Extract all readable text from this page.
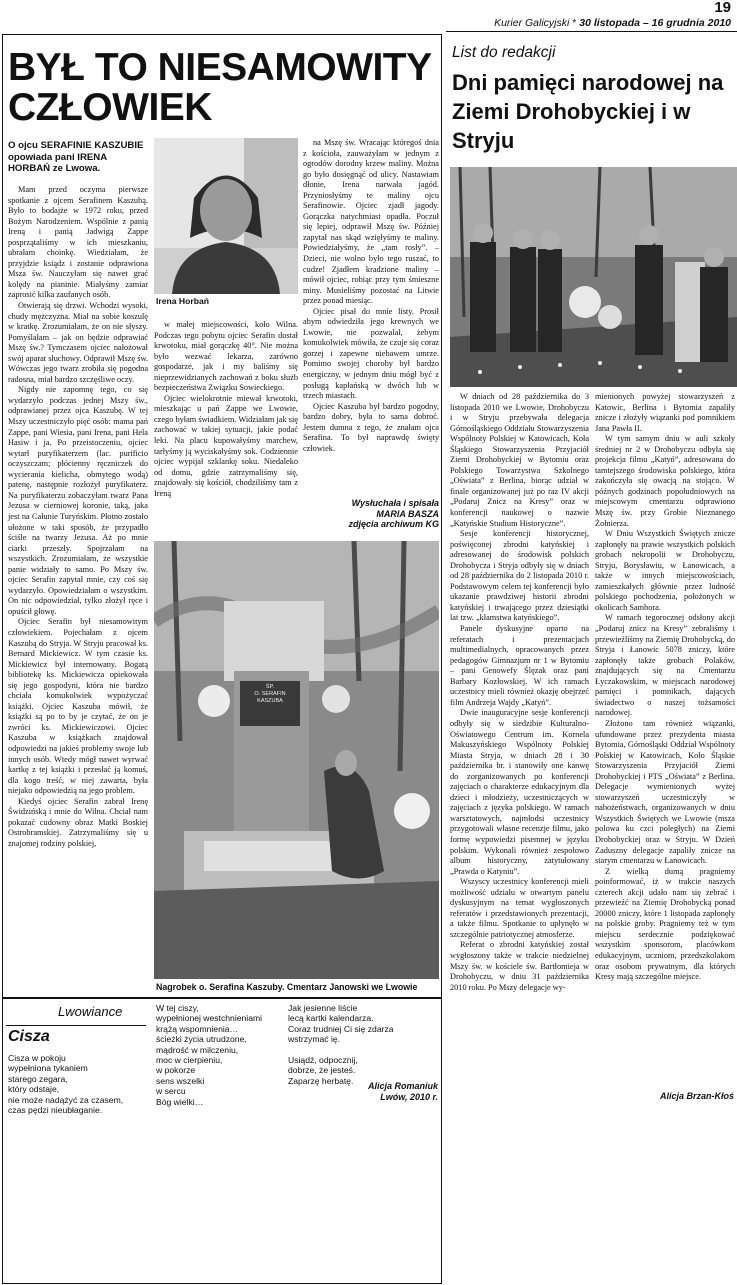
19
Kurier Galicyjski * 30 listopada – 16 grudnia 2010
BYŁ TO NIESAMOWITY CZŁOWIEK
O ojcu SERAFINIE KASZUBIE opowiada pani IRENA HORBAŃ ze Lwowa.
Irena Horbań

Mam przed oczyma pierwsze spotkanie z ojcem Serafinem Kaszubą. Było to bodajże w 1972 roku, przed Bożym Narodzeniem. Wspólnie z panią Ireną i panią Jadwigą Zappe posprzątaliśmy w ich mieszkaniu, ubrałam choinkę. Wiedziałam, że przyjdzie ksiądz i zostanie odprawiona Msza św. Nauczyłam się nawet grać kolędy na pianinie. Miałyśmy zamiar zaprosić kilka zaufanych osób.

Otwierają się drzwi. Wchodzi wysoki, chudy mężczyzna. Miał na sobie koszulę w kratkę. Zrozumiałam, że on nie słyszy. Pomyślałam – jak on będzie odprawiać Mszę św.? Tymczasem ojciec nałożował swój aparat słuchowy. Odprawił Mszę św. Wówczas jego twarz zrobiła się pogodna radosna, miał bardzo szczęśliwe oczy.

Nigdy nie zapomnę tego, co się wydarzyło podczas jednej Mszy św., odprawianej przez ojca Kaszubę. W tej Mszy uczestniczyło pięć osób: mama pań Zappe, pani Wiesia, pani Irena, pani Hela Hasiw i ja. Po przeistoczeniu, ojciec wytarł puryfikaterzem (lac. purificio oczyszczam; płócienny ręczniczek do wycierania kielicha, obmytego wodą) patenę, następnie rozłożył puryfikaterz. Na puryfikaterzu zobaczyłam twarz Pana Jezusa w cierniowej koronie, taką, jaka jest na Całunie Turyńskim. Płotno zostało ułożone w taki sposób, że przypadło ściśle na twarzy Jezusa. Aż po mnie ciarki przeszły. Spojrzałam na wszystkich. Zrozumiałam, że wszystkie panie widziały to samo. Po Mszy św. ojciec Serafin zapytał mnie, czy coś się wydarzyło. Opowiedziałam o wszystkim. On nic odpowiedział, tylko złożył ręce i opuścił głowę.

Ojciec Serafin był niesamowitym człowiekiem. Pojechałam z ojcem Kaszubą do Stryja. W Stryju pracował ks. Bernard Mickiewicz. W tym czasie ks. Mickiewicz był internowany. Bogatą bibliotekę ks. Mickiewicza opiekowała się jego gospodyni, która nie bardzo chciała komukolwiek wypożyczać książki. Ojciec Kaszuba mówił, że książki są po to by je czytać, że on je zwróci ks. Mickiewiczowi. Ojciec Kaszuba w książkach znajdował odpowiedzi na jakieś problemy swoje lub innych osób. Wtedy mógł nawet wyrwać kartkę z tej książki i przesłać ją komuś, dla kogo treść, w niej zawarta, była niejako odpowiedzią na jego problem.

Kiedyś ojciec Serafin zabrał Irenę Świdzińską i mnie do Wilna. Chciał nam pokazać cudowny obraz Matki Boskiej Ostrobramskiej. Zatrzymaliśmy się u znajomej rodziny polskiej,

w małej miejscowości, koło Wilna. Podczas tego pobytu ojciec Serafin dostał krwotoku, miał gorączkę 40°. Nie można było wezwać lekarza, zarówno gospodarze, jak i my baliśmy się nieprzewidzianych zachowań z boku służb bezpieczeństwa Związku Sowieckiego.

Ojciec wielokrotnie miewał krwotoki, mieszkając u pań Zappe we Lwowie, czego byłam świadkiem. Widziałam jak się zachować w takiej sytuacji, jakie podać leki. Na placu kupowałyśmy marchew, tarłyśmy ją wyciskałyśmy sok. Codziennie ojciec wypijał szklankę soku. Niedaleko od domu, gdzie zatrzymaliśmy się, znajdowały się kościół, chodziliśmy tam z Ireną

na Mszę św. Wracając któregoś dnia z kościoła, zauważyłam w jednym z ogrodów dorodny krzew maliny. Można go było dosięgnąć od ulicy. Nastawiam dłonie, Irena narwała jagód. Przyniosłyśmy te maliny ojcu Serafinowie. Ojciec zjadł jagody. Gorączka natychmiast opadła. Poczuł się lepiej, odprawił Mszę św. Później zapytał nas skąd wzięłyśmy te maliny. Powiedziałyśmy, że „tam rosły”. – Dzieci, nie wolno było tego ruszać, to cudze! Zjadłem kradzione maliny – mówił ojciec, robiąc przy tym śmieszne miny. Musieliśmy pozostać na Litwie przez ponad miesiąc.

Ojciec pisał do mnie listy. Prosił abym odwiedziła jego krewnych we Lwowie, nie pozwalał, żebym komukolwiek mówiła, że czuje się coraz gorzej i zapewne niebawem umrze. Pomimo swojej choroby był bardzo energiczny, w jednym dniu mógł być z posługą kapłańską w dwóch lub w trzech miastach.

Ojciec Kaszuba był bardzo pogodny, bardzo dobry, była to sama dobroć. Jestem dumna z tego, że znałam ojca Serafina. To był naprawdę święty człowiek.

Wysłuchała i spisała
MARIA BASZA
zdjęcia archiwum KG
ŚP.
O. SERAFIN
KASZUBA
Nagrobek o. Serafina Kaszuby. Cmentarz Janowski we Lwowie
Lwowiance
Cisza
Cisza w pokoju
wypełniona tykaniem
starego zegara,
który odstaje,
nie może nadążyć za czasem,
czas pędzi nieubłaganie.
W tej ciszy,
wypełnionej westchnieniami
krążą wspomnienia…
ścieżki życia utrudzone,
mądrość w milczeniu,
moc w cierpieniu,
w pokorze
sens wszelki
w sercu
Bóg wielki…
Jak jesienne liście
lecą kartki kalendarza.
Coraz trudniej Ci się zdarza
wstrzymać ię.
Usiądź, odpocznij,
dobrze, że jesteś.
Zaparzę herbatę.
Alicja Romaniuk
Lwów, 2010 r.
List do redakcji
Dni pamięci narodowej na Ziemi Drohobyckiej i w Stryju

W dniach od 28 października do 3 listopada 2010 we Lwowie, Drohobyczu i w Stryju przebywała delegacja Górnośląskiego Oddziału Stowarzyszenia Wspólnoty Polskiej w Katowicach, Koła Śląskiego Stowarzyszenia Przyjaciół Ziemi Drohobyckiej w Bytomiu oraz Polskiego Towarzystwa Szkolnego „Oświata” z Berlina, biorąc udział w finale organizowanej już po raz IV akcji „Podaruj Znicz na Kresy” oraz w konferencji naukowej o nazwie „Katyńskie Studium Historyczne”.

Sesje konferencji historycznej, poświęconej zbrodni katyńskiej i adresowanej do środowisk polskich Drohobycza i Stryja odbyły się w dniach od 28 października do 2 listopada 2010 r. Podstawowym celem tej konferencji było ukazanie prawdziwej historii zbrodni katyńskiej i trwającego przez dziesiątki lat tzw. „kłamstwa katyńskiego”.

Panele dyskusyjne oparto na referatach i prezentacjach multimedialnych, opracowanych przez pedagogów Gimnazjum nr 1 w Bytomiu – pani Genowefy Ślęzak oraz pani Barbary Kozłowskiej. W ich ramach uczestnicy mieli również okazję obejrzeć film Andrzeja Wajdy „Katyń”.

Dwie inauguracyjne sesje konferencji odbyły się w siedzibie Kulturalno-Oświatowego Centrum im. Kornela Makuszyńskiego Wspólnoty Polskiej Miasta Stryja, w dniach 28 i 30 października br. i stanowiły one kanwę do zorganizowanych po konferencji zajęciach o charakterze edukacyjnym dla dzieci i młodzieży, uczestniczących w zajęciach z języka polskiego. W ramach warsztatowych, najmłodsi uczestnicy przygotowali własne recenzje filmu, jako formę wypowiedzi pisemnej w języku polskim. Wykonali również zespołowo album historyczny, zatytułowany „Prawda o Katyniu”.

Wszyscy uczestnicy konferencji mieli możliwość udziału w otwartym panelu dyskusyjnym na temat wygłoszonych referatów i przedstawionych prezentacji, a także filmu. Spotkanie to upłynęło w szczególnie patriotycznej atmosferze.

Referat o zbrodni katyńskiej został wygłoszony także w trakcie niedzielnej Mszy św. w kościele św. Bartłomieja w Drohobyczu, w dniu 31 października 2010 roku. Po Mszy delegacje wy-

mienionych powyżej stowarzyszeń z Katowic, Berlina i Bytomia zapaliły znicze i złożyły wiązanki pod pomnikiem Jana Pawła II.

W tym samym dniu w auli szkoły średniej nr 2 w Drohobyczu odbyła się projekcja filmu „Katyń”, adresowana do tamtejszego środowiska polskiego, która zakończyła się owacją na stojąco. W późnych godzinach popołudniowych na miejscowym cmentarzu odprawiono Mszę św. przy Grobie Nieznanego Żołnierza.

W Dniu Wszystkich Świętych znicze zapłonęły na prawie wszystkich polskich grobach nekropolii w Drohobyczu, Stryju, Borysławiu, w Łanowicach, a także w innych miejscowościach, zamieszkałych głównie przez ludność polskiego pochodzenia, położonych w okolicach Sambora.

W ramach tegorocznej odsłony akcji „Podaruj znicz na Kresy” zebraliśmy i przewieźliśmy na Ziemię Drohobycką, do Stryja i Łanowic 5078 zniczy, które zapłonęły także grobach Polaków, znajdujących się na Cmentarzu Łyczakowskim, w miejscach narodowej pamięci i pomnikach, dających świadectwo o naszej tożsamości narodowej.

Złożono tam również wiązanki, ufundowane przez prezydenta miasta Bytomia, Górnośląski Oddział Wspólnoty Polskiej w Katowicach, Koło Śląskie Stowarzyszenia Przyjaciół Ziemi Drohobyckiej i PTS „Oświata” z Berlina. Delegacje wymienionych wyżej stowarzyszeń uczestniczyły w nabożeństwach, organizowanych w dniu Wszystkich Świętych we Lwowie (msza polowa ku czci poległych) na Ziemi Drohobyckiej oraz w Stryju. W Dzień Zaduszny delegacje zapaliły znicze na starym cmentarzu w Łanowicach.

Z wielką dumą pragniemy poinformować, iż w trakcie naszych czterech akcji udało nam się zebrać i przewieźć na Ziemię Drohobycką ponad 20000 zniczy, które 1 listopada zapłonęły na polskie groby. Pragniemy też w tym miejscu serdecznie podziękować wszystkim sponsorom, placówkom edukacyjnym, uczniom, przedszkolakom oraz osobom prywatnym, dla których Kresy mają szczególne miejsce.

Alicja Brzan-Kłoś
